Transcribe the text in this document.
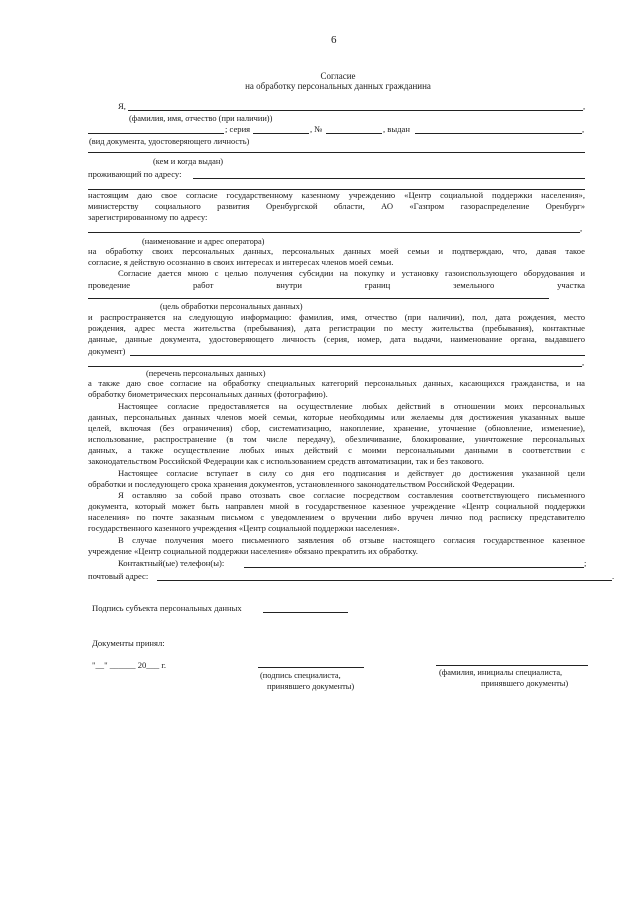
6
Согласие
на обработку персональных данных гражданина
Я,	,
(фамилия, имя, отчество (при наличии))
; серия	, №	, выдан	,
(вид документа, удостоверяющего личность)
(кем и когда выдан)
проживающий по адресу:
настоящим даю свое согласие государственному казенному учреждению «Центр социальной поддержки населения»,
министерству социального развития Оренбургской области, АО «Газпром газораспределение Оренбург»
зарегистрированному по адресу:
,
(наименование и адрес оператора)
на обработку своих персональных данных, персональных данных моей семьи и подтверждаю, что, давая такое
согласие, я действую осознанно в своих интересах и интересах членов моей семьи.
Согласие дается мною с целью получения субсидии на покупку и установку газоиспользующего оборудования и
проведение работ внутри границ земельного участка
(цель обработки персональных данных)
и распространяется на следующую информацию: фамилия, имя, отчество (при наличии), пол, дата рождения, место
рождения, адрес места жительства (пребывания), дата регистрации по месту жительства (пребывания), контактные
данные, данные документа, удостоверяющего личность (серия, номер, дата выдачи, наименование органа, выдавшего
документ)
,
(перечень персональных данных)
а также даю свое согласие на обработку специальных категорий персональных данных, касающихся гражданства, и на
обработку биометрических персональных данных (фотографию).
Настоящее согласие предоставляется на осуществление любых действий в отношении моих персональных
данных, персональных данных членов моей семьи, которые необходимы или желаемы для достижения указанных выше
целей, включая (без ограничения) сбор, систематизацию, накопление, хранение, уточнение (обновление, изменение),
использование, распространение (в том числе передачу), обезличивание, блокирование, уничтожение персональных
данных, а также осуществление любых иных действий с моими персональными данными в соответствии с
законодательством Российской Федерации как с использованием средств автоматизации, так и без такового.
Настоящее согласие вступает в силу со дня его подписания и действует до достижения указанной цели
обработки и последующего срока хранения документов, установленного законодательством Российской Федерации.
Я оставляю за собой право отозвать свое согласие посредством составления соответствующего письменного
документа, который может быть направлен мной в государственное казенное учреждение «Центр социальной поддержки
населения» по почте заказным письмом с уведомлением о вручении либо вручен лично под расписку представителю
государственного казенного учреждения «Центр социальной поддержки населения».
В случае получения моего письменного заявления об отзыве настоящего согласия государственное казенное
учреждение «Центр социальной поддержки населения» обязано прекратить их обработку.
Контактный(ые) телефон(ы):	;
почтовый адрес:	.
Подпись субъекта персональных данных
Документы принял:
"__" ______ 20___ г.
(подпись специалиста,
принявшего документы)
(фамилия, инициалы специалиста,
принявшего документы)
